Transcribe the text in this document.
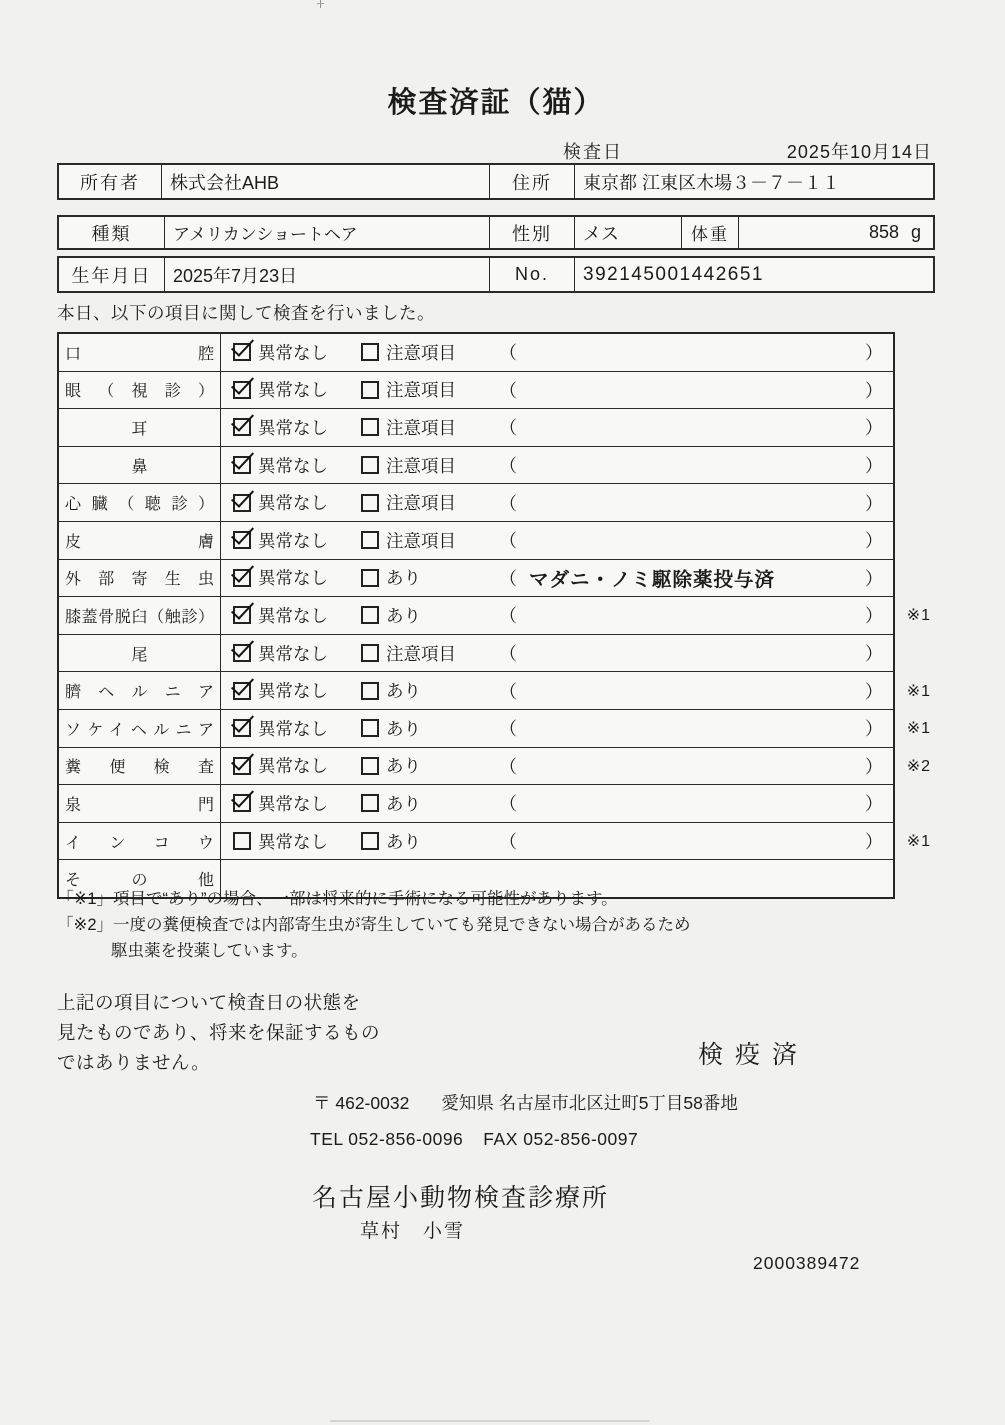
検査済証（猫）
検査日	2025年10月14日
所有者	株式会社AHB	住所	東京都 江東区木場３－７－１１
種類	アメリカンショートヘア	性別	メス	体重	858 g
生年月日	2025年7月23日	No.	392145001442651
本日、以下の項目に関して検査を行いました。
口腔	異常なし	注意項目 （	）
眼（視診）	異常なし	注意項目 （	）
耳	異常なし	注意項目 （	）
鼻	異常なし	注意項目 （	）
心臓（聴診）	異常なし	注意項目 （	）
皮膚	異常なし	注意項目 （	）
外部寄生虫	異常なし	あり	（ マダニ・ノミ駆除薬投与済	）
膝蓋骨脱臼（触診）	異常なし	あり	（	） ※1
尾	異常なし	注意項目 （	）
臍ヘルニア	異常なし	あり	（	） ※1
ソケイヘルニア	異常なし	あり	（	） ※1
糞便検査	異常なし	あり	（	） ※2
泉門	異常なし	あり	（	）
インコウ	異常なし	あり	（	） ※1
その他
「※1」項目で“あり”の場合、一部は将来的に手術になる可能性があります。
「※2」一度の糞便検査では内部寄生虫が寄生していても発見できない場合があるため
駆虫薬を投薬しています。
上記の項目について検査日の状態を
見たものであり、将来を保証するもの
ではありません。	検疫済
〒 462-0032 愛知県 名古屋市北区辻町5丁目58番地
TEL 052-856-0096 FAX 052-856-0097
名古屋小動物検査診療所
草村　小雪
2000389472
